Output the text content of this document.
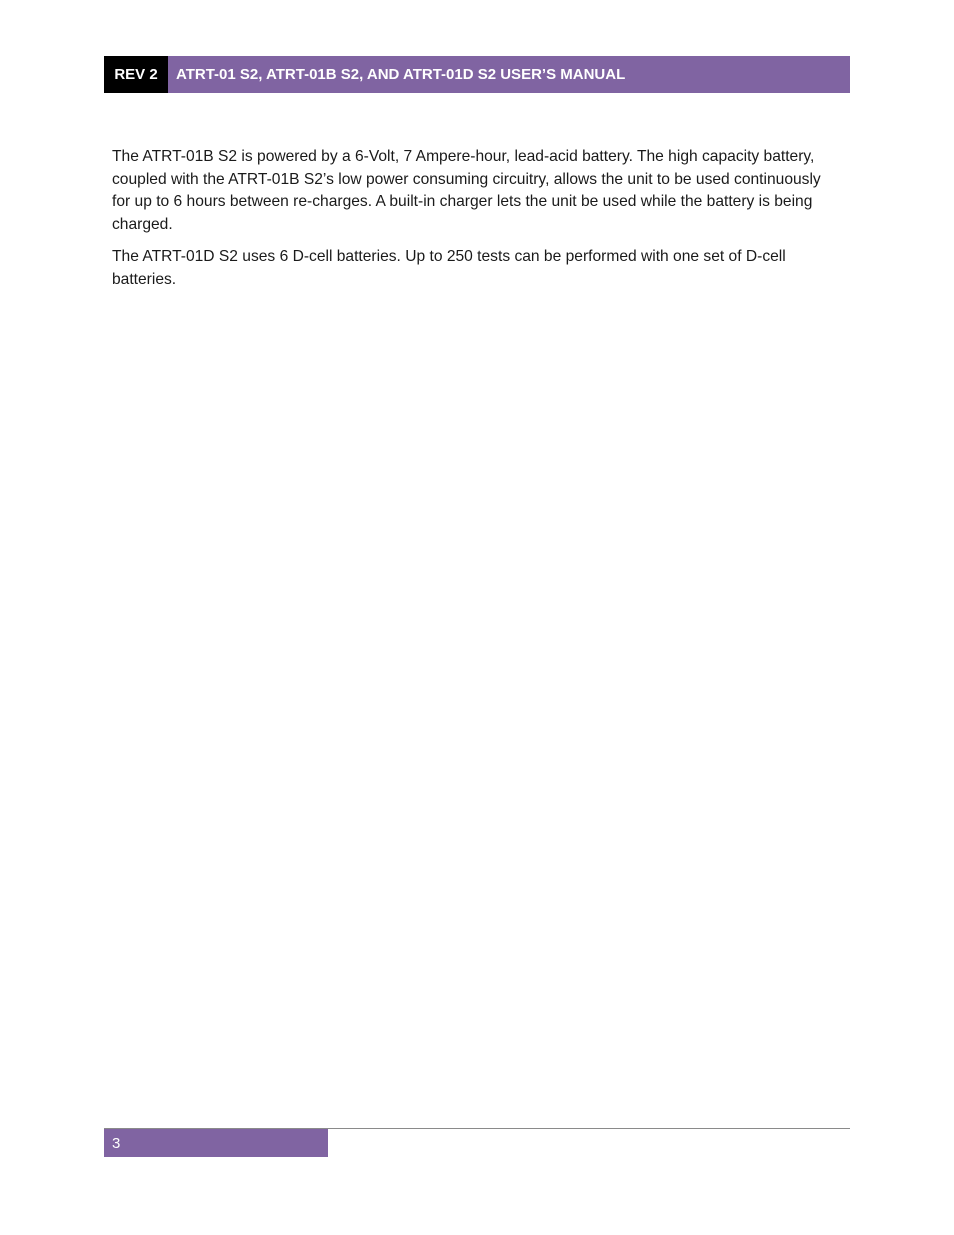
REV 2	ATRT-01 S2, ATRT-01B S2, AND ATRT-01D S2 USER’S MANUAL

The ATRT-01B S2 is powered by a 6-Volt, 7 Ampere-hour, lead-acid battery. The high capacity battery, coupled with the ATRT-01B S2’s low power consuming circuitry, allows the unit to be used continuously for up to 6 hours between re-charges. A built-in charger lets the unit be used while the battery is being charged.

The ATRT-01D S2 uses 6 D-cell batteries. Up to 250 tests can be performed with one set of D-cell batteries.

3
